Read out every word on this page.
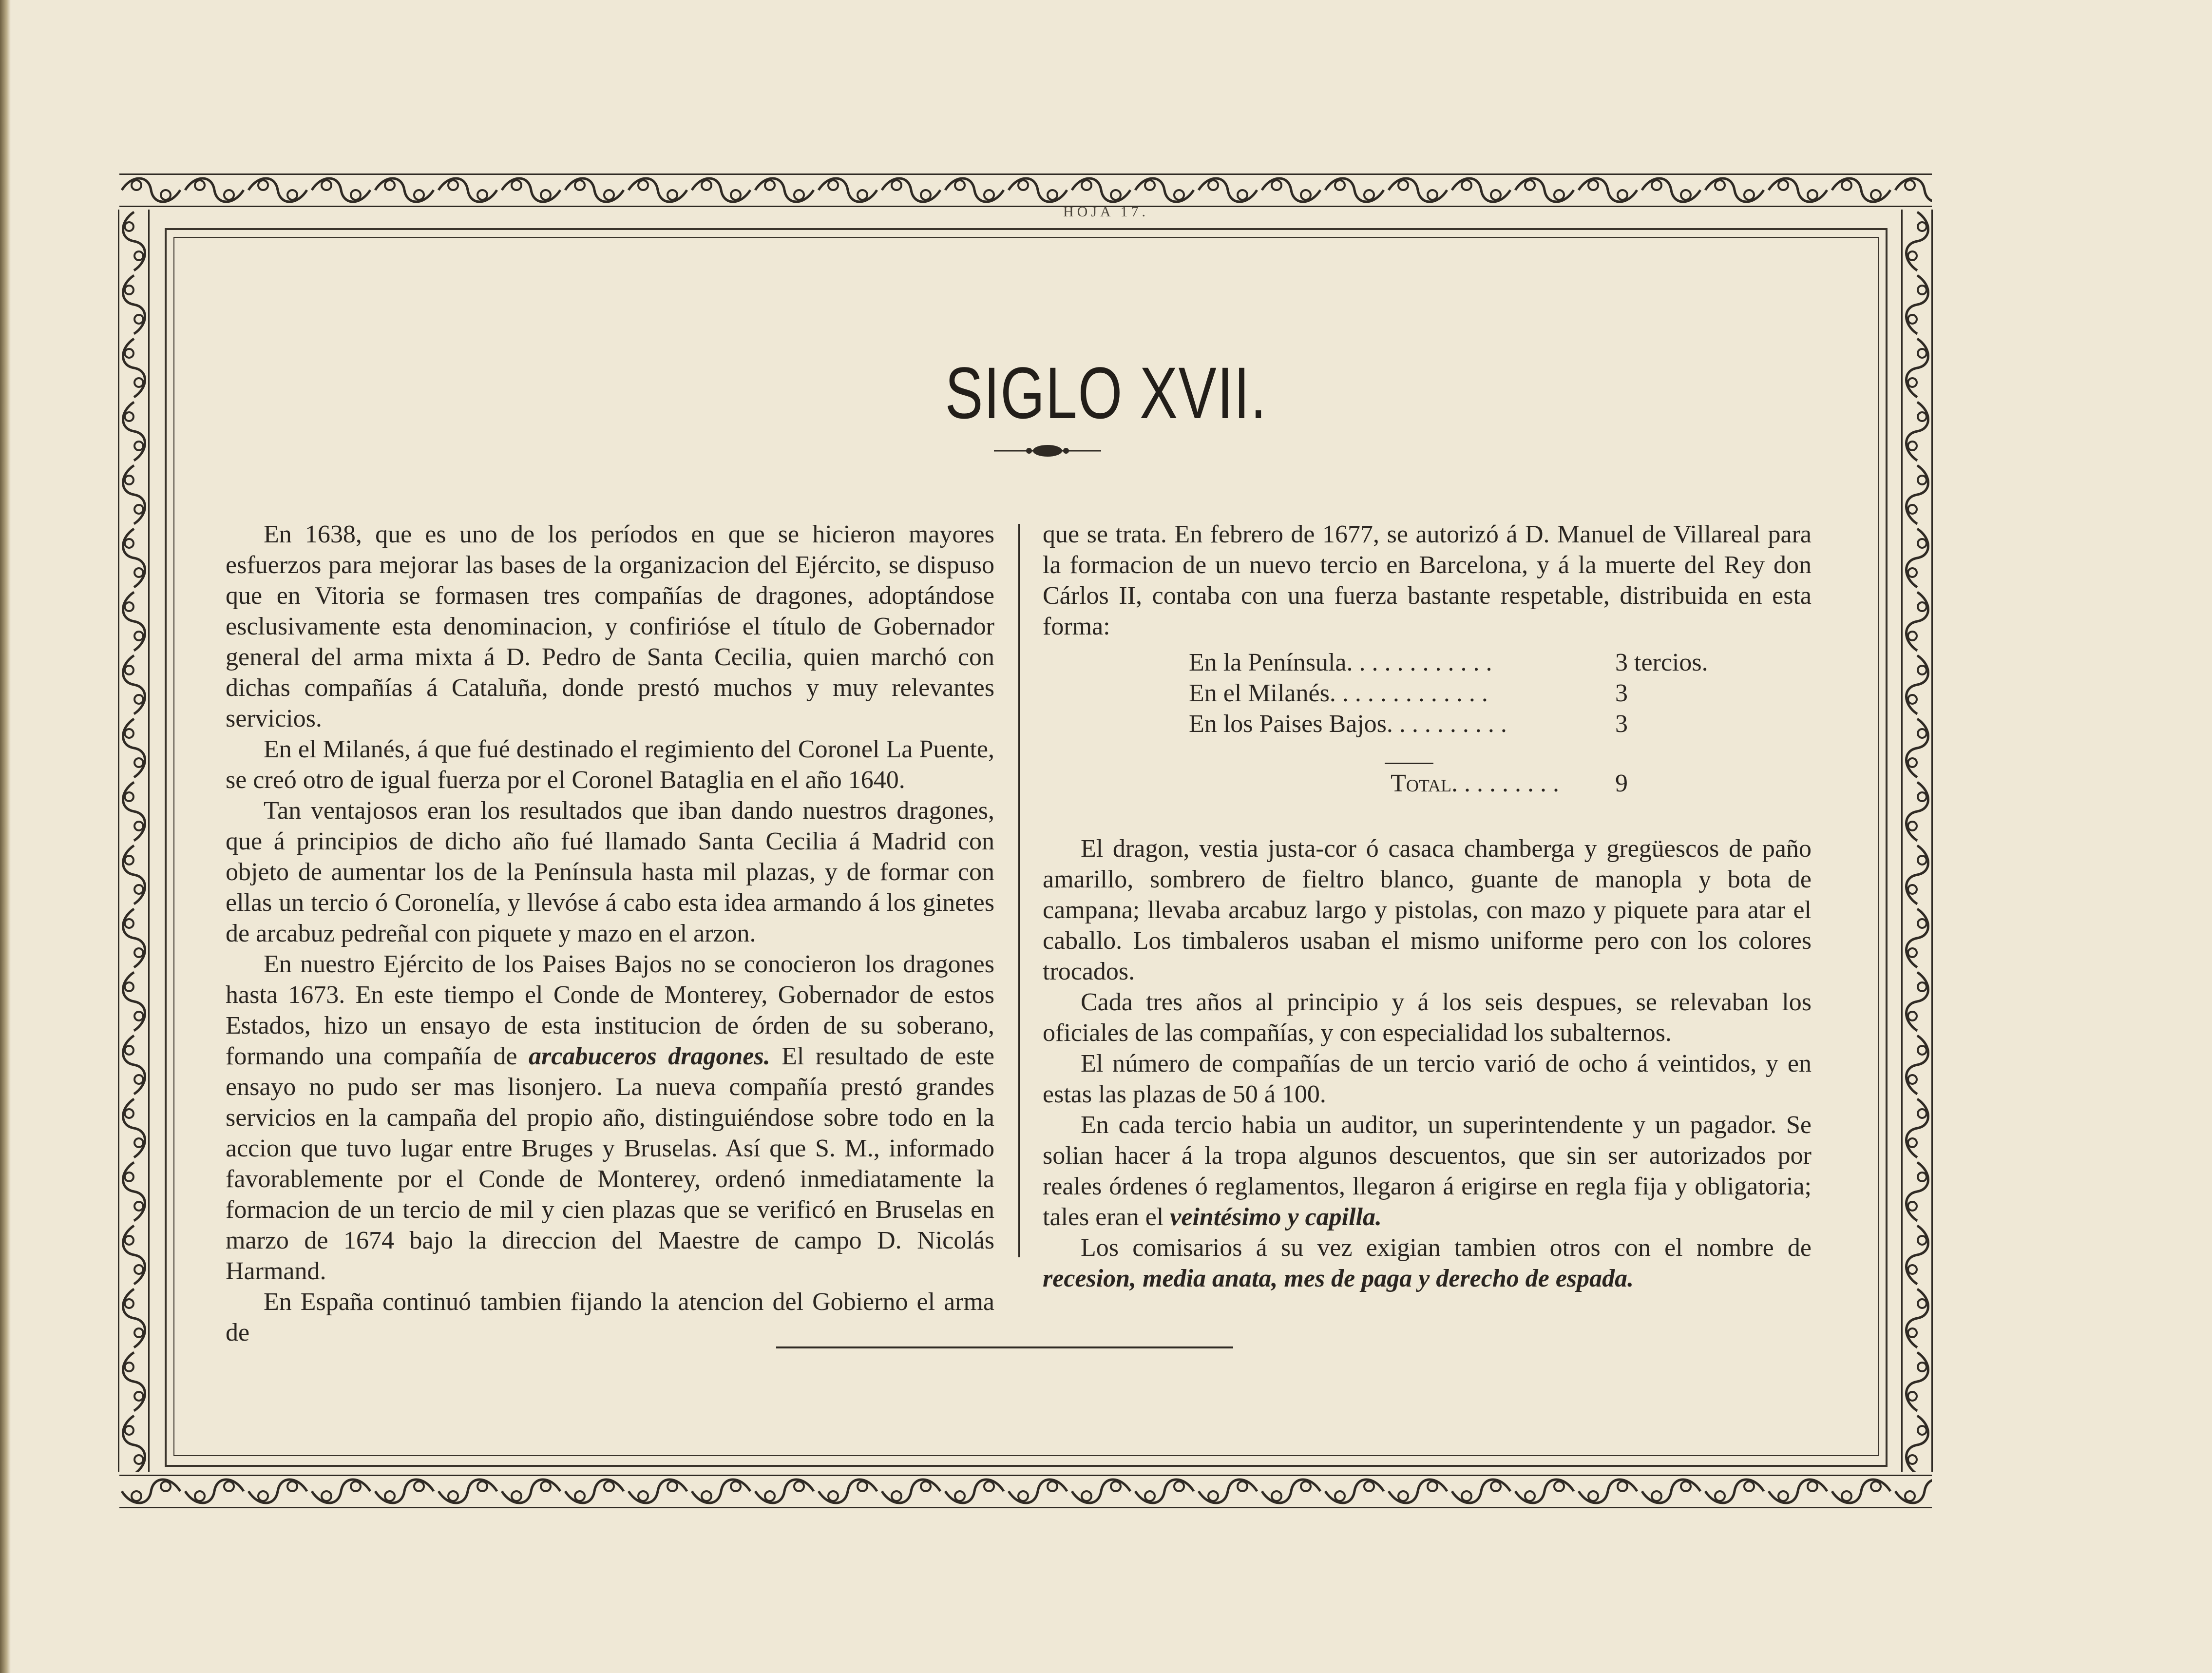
HOJA 17.
SIGLO XVII.

En 1638, que es uno de los períodos en que se hicieron mayores esfuerzos para mejorar las bases de la organizacion del Ejército, se dispuso que en Vitoria se formasen tres compañías de dragones, adoptándose esclusivamente esta denominacion, y confirióse el título de Gobernador general del arma mixta á D. Pedro de Santa Cecilia, quien marchó con dichas compañías á Cataluña, donde prestó muchos y muy relevantes servicios.

En el Milanés, á que fué destinado el regimiento del Coronel La Puente, se creó otro de igual fuerza por el Coronel Bataglia en el año 1640.

Tan ventajosos eran los resultados que iban dando nuestros dragones, que á principios de dicho año fué llamado Santa Cecilia á Madrid con objeto de aumentar los de la Península hasta mil plazas, y de formar con ellas un tercio ó Coronelía, y llevóse á cabo esta idea armando á los ginetes de arcabuz pedreñal con piquete y mazo en el arzon.

En nuestro Ejército de los Paises Bajos no se conocieron los dragones hasta 1673. En este tiempo el Conde de Monterey, Gobernador de estos Estados, hizo un ensayo de esta institucion de órden de su soberano, formando una compañía de arcabuceros dragones. El resultado de este ensayo no pudo ser mas lisonjero. La nueva compañía prestó grandes servicios en la campaña del propio año, distinguiéndose sobre todo en la accion que tuvo lugar entre Bruges y Bruselas. Así que S. M., informado favorablemente por el Conde de Monterey, ordenó inmediatamente la formacion de un tercio de mil y cien plazas que se verificó en Bruselas en marzo de 1674 bajo la direccion del Maestre de campo D. Nicolás Harmand.

En España continuó tambien fijando la atencion del Gobierno el arma de

que se trata. En febrero de 1677, se autorizó á D. Manuel de Villareal para la formacion de un nuevo tercio en Barcelona, y á la muerte del Rey don Cárlos II, contaba con una fuerza bastante respetable, distribuida en esta forma:

En la Península. . . . . . . . . . . .	3 tercios.
En el Milanés. . . . . . . . . . . . .	3
En los Paises Bajos. . . . . . . . . .	3
Total. . . . . . . . . 9

El dragon, vestia justa-cor ó casaca chamberga y gregüescos de paño amarillo, sombrero de fieltro blanco, guante de manopla y bota de campana; llevaba arcabuz largo y pistolas, con mazo y piquete para atar el caballo. Los timbaleros usaban el mismo uniforme pero con los colores trocados.

Cada tres años al principio y á los seis despues, se relevaban los oficiales de las compañías, y con especialidad los subalternos.

El número de compañías de un tercio varió de ocho á veintidos, y en estas las plazas de 50 á 100.

En cada tercio habia un auditor, un superintendente y un pagador. Se solian hacer á la tropa algunos descuentos, que sin ser autorizados por reales órdenes ó reglamentos, llegaron á erigirse en regla fija y obligatoria; tales eran el veintésimo y capilla.

Los comisarios á su vez exigian tambien otros con el nombre de recesion, media anata, mes de paga y derecho de espada.
